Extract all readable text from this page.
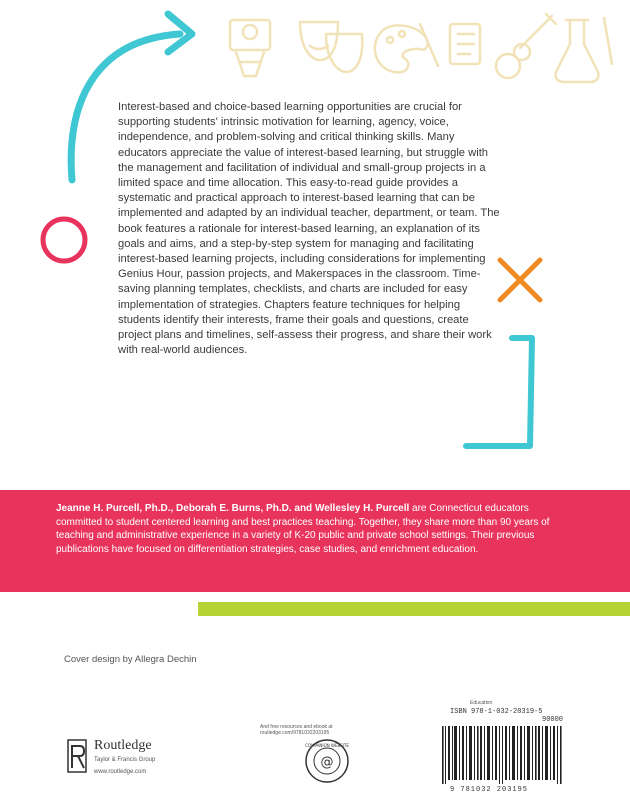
Interest-based and choice-based learning opportunities are crucial for supporting students' intrinsic motivation for learning, agency, voice, independence, and problem-solving and critical thinking skills. Many educators appreciate the value of interest-based learning, but struggle with the management and facilitation of individual and small-group projects in a limited space and time allocation. This easy-to-read guide provides a systematic and practical approach to interest-based learning that can be implemented and adapted by an individual teacher, department, or team. The book features a rationale for interest-based learning, an explanation of its goals and aims, and a step-by-step system for managing and facilitating interest-based learning projects, including considerations for implementing Genius Hour, passion projects, and Makerspaces in the classroom. Time-saving planning templates, checklists, and charts are included for easy implementation of strategies. Chapters feature techniques for helping students identify their interests, frame their goals and questions, create project plans and timelines, self-assess their progress, and share their work with real-world audiences.

Jeanne H. Purcell, Ph.D., Deborah E. Burns, Ph.D. and Wellesley H. Purcell are Connecticut educators committed to student centered learning and best practices teaching. Together, they share more than 90 years of teaching and administrative experience in a variety of K-20 public and private school settings. Their previous publications have focused on differentiation strategies, case studies, and enrichment education.

Cover design by Allegra Dechin
Routledge
Taylor & Francis Group
www.routledge.com
And free resources and ebook at routledge.com/9781032203195
@
COMPANION WEBSITE
Education
ISBN 978-1-032-20319-5
90000
9 781032 203195
